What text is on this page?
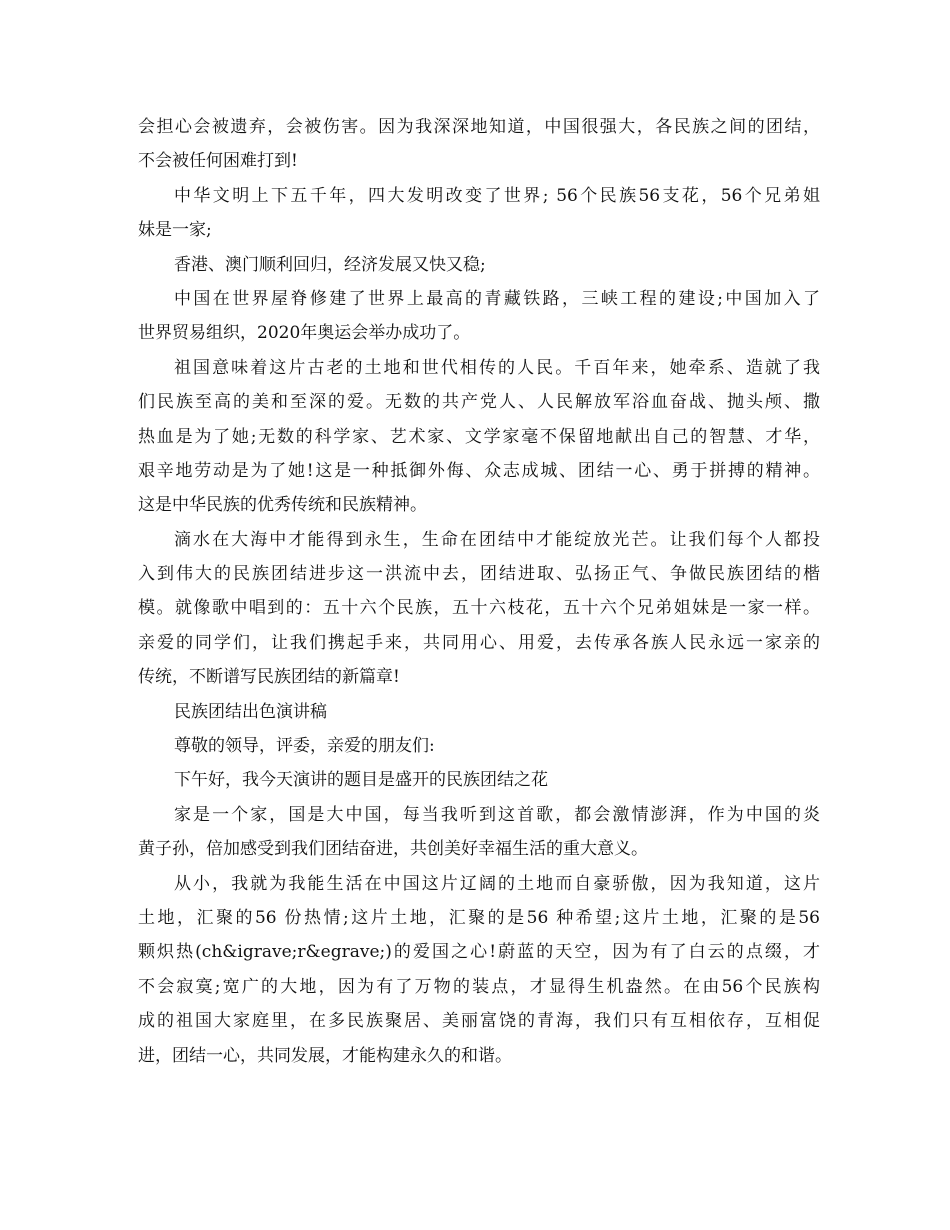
会担心会被遗弃，会被伤害。因为我深深地知道，中国很强大，各民族之间的团结，
不会被任何困难打到!
中华文明上下五千年，四大发明改变了世界; 56个民族56支花，56个兄弟姐
妹是一家;
香港、澳门顺利回归，经济发展又快又稳;
中国在世界屋脊修建了世界上最高的青藏铁路，三峡工程的建设;中国加入了
世界贸易组织，2020年奥运会举办成功了。
祖国意味着这片古老的土地和世代相传的人民。千百年来，她牵系、造就了我
们民族至高的美和至深的爱。无数的共产党人、人民解放军浴血奋战、抛头颅、撒
热血是为了她;无数的科学家、艺术家、文学家毫不保留地献出自己的智慧、才华，
艰辛地劳动是为了她!这是一种抵御外侮、众志成城、团结一心、勇于拼搏的精神。
这是中华民族的优秀传统和民族精神。
滴水在大海中才能得到永生，生命在团结中才能绽放光芒。让我们每个人都投
入到伟大的民族团结进步这一洪流中去，团结进取、弘扬正气、争做民族团结的楷
模。就像歌中唱到的：五十六个民族，五十六枝花，五十六个兄弟姐妹是一家一样。
亲爱的同学们，让我们携起手来，共同用心、用爱，去传承各族人民永远一家亲的
传统，不断谱写民族团结的新篇章!
民族团结出色演讲稿
尊敬的领导，评委，亲爱的朋友们:
下午好，我今天演讲的题目是盛开的民族团结之花
家是一个家，国是大中国，每当我听到这首歌，都会激情澎湃，作为中国的炎
黄子孙，倍加感受到我们团结奋进，共创美好幸福生活的重大意义。
从小，我就为我能生活在中国这片辽阔的土地而自豪骄傲，因为我知道，这片
土地，汇聚的56 份热情;这片土地，汇聚的是56 种希望;这片土地，汇聚的是56
颗炽热(ch&igrave;r&egrave;)的爱国之心!蔚蓝的天空，因为有了白云的点缀，才
不会寂寞;宽广的大地，因为有了万物的装点，才显得生机盎然。在由56个民族构
成的祖国大家庭里，在多民族聚居、美丽富饶的青海，我们只有互相依存，互相促
进，团结一心，共同发展，才能构建永久的和谐。
